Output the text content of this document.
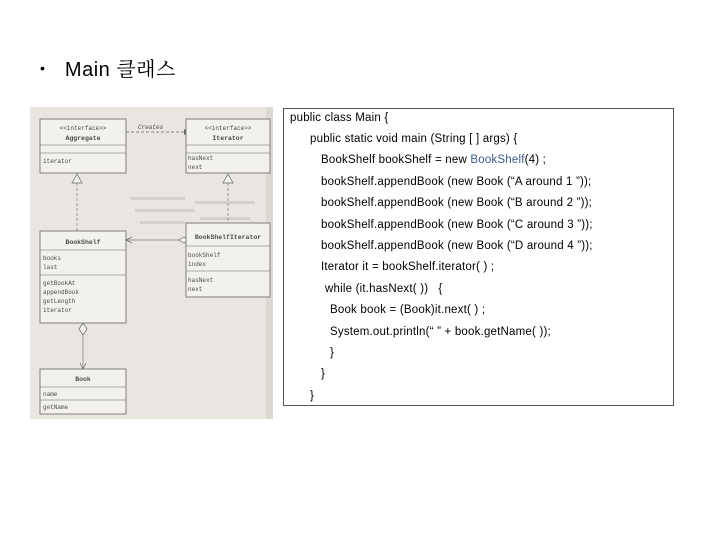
• Main 클래스
<<interface>>
Aggregate
iterator
Creates	<<interface>>
Iterator
hasNext
next
BookShelf
books
last
getBookAt
appendBook
getLength
iterator
BookShelfIterator
bookShelf
index
hasNext
next
Book
name
getName
public class Main {
public static void main (String [ ] args) {
BookShelf bookShelf = new BookShelf(4) ;
bookShelf.appendBook (new Book (“A around 1 ”));
bookShelf.appendBook (new Book (“B around 2 ”));
bookShelf.appendBook (new Book (“C around 3 ”));
bookShelf.appendBook (new Book (“D around 4 ”));
Iterator it = bookShelf.iterator( ) ;
while (it.hasNext( ))   {
Book book = (Book)it.next( ) ;
System.out.println(“ ” + book.getName( ));
}
}
}
